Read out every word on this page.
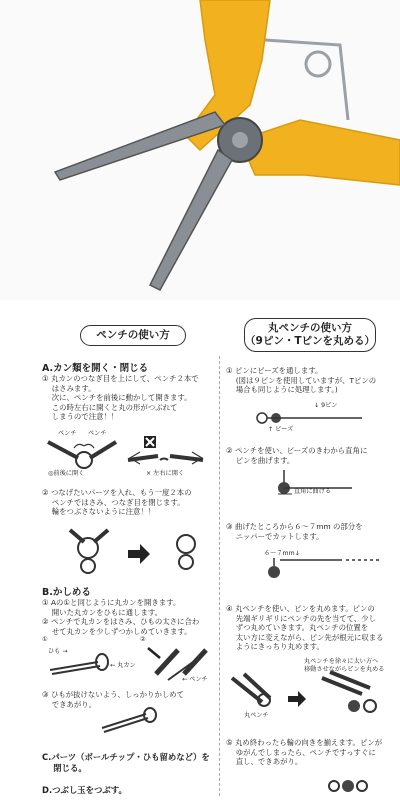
ペンチの使い方
A.カン類を開く・閉じる
① 丸カンのつなぎ目を上にして、ペンチ２本で
　 はさみます。
　 次に、ペンチを前後に動かして開きます。
　 この時左右に開くと丸の形がつぶれて
　 しまうので注意！！
ペンチ ペンチ
◎前後に開く	× 左右に開く
② つなげたいパーツを入れ、もう一度２本の
　 ペンチではさみ、つなぎ目を閉じます。
　 輪をつぶさないように注意！！
B.かしめる
① Aの①と同じように丸カンを開きます。
　 開いた丸カンをひもに通します。
② ペンチで丸カンをはさみ、ひもの太さに合わ
　 せて丸カンを少しずつかしめていきます。
①	②
ひも →
← 丸カン
← ペンチ
③ ひもが抜けないよう、しっかりかしめて
　 できあがり。
C.パーツ（ボールチップ・ひも留めなど）を
　 閉じる。
D.つぶし玉をつぶす。
丸ペンチの使い方
（9ピン・Tピンを丸める）
① ピンにビーズを通します。
　 (図は９ピンを使用していますが、Tピンの
　 場合も同じように処理します。)
↓ 9ピン
↑ ビーズ
② ペンチを使い、ビーズのきわから直角に
　 ピンを曲げます。
直角に曲げる
③ 曲げたところから６～７mm の部分を
　 ニッパーでカットします。
６～７mm↓
④ 丸ペンチを使い、ピンを丸めます。ピンの
　 先端ギリギリにペンチの先を当てて、少し
　 ずつ丸めていきます。丸ペンチの位置を
　 太い方に変えながら、ピン先が根元に収まる
　 ようにきっちり丸めます。
丸ペンチを徐々に太い方へ
移動させながらピンを丸める
丸ペンチ
⑤ 丸め終わったら輪の向きを揃えます。ピンが
　 ゆがんでしまったら、ペンチですっすぐに
　 直し、できあがり。
